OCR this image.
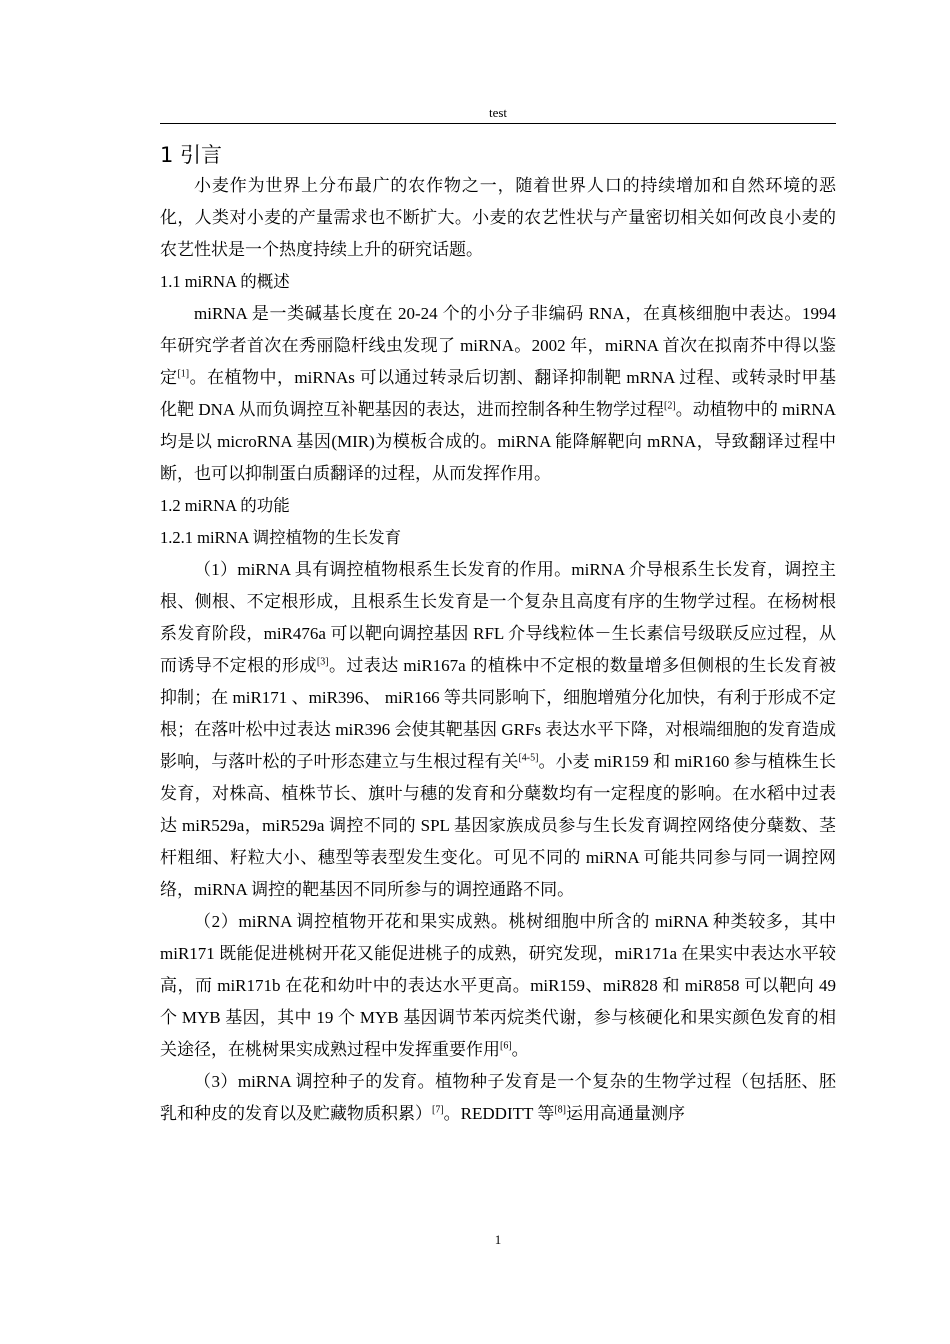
test
1 引言

小麦作为世界上分布最广的农作物之一，随着世界人口的持续增加和自然环境的恶化，人类对小麦的产量需求也不断扩大。小麦的农艺性状与产量密切相关如何改良小麦的农艺性状是一个热度持续上升的研究话题。

1.1 miRNA 的概述

miRNA 是一类碱基长度在 20-24 个的小分子非编码 RNA，在真核细胞中表达。1994 年研究学者首次在秀丽隐杆线虫发现了 miRNA。2002 年，miRNA 首次在拟南芥中得以鉴定[1]。在植物中，miRNAs 可以通过转录后切割、翻译抑制靶 mRNA 过程、或转录时甲基化靶 DNA 从而负调控互补靶基因的表达，进而控制各种生物学过程[2]。动植物中的 miRNA 均是以 microRNA 基因(MIR)为模板合成的。miRNA 能降解靶向 mRNA，导致翻译过程中断，也可以抑制蛋白质翻译的过程，从而发挥作用。

1.2 miRNA 的功能
1.2.1 miRNA 调控植物的生长发育

（1）miRNA 具有调控植物根系生长发育的作用。miRNA 介导根系生长发育，调控主根、侧根、不定根形成，且根系生长发育是一个复杂且高度有序的生物学过程。在杨树根系发育阶段，miR476a 可以靶向调控基因 RFL 介导线粒体－生长素信号级联反应过程，从而诱导不定根的形成[3]。过表达 miR167a 的植株中不定根的数量增多但侧根的生长发育被抑制；在 miR171 、miR396、 miR166 等共同影响下，细胞增殖分化加快，有利于形成不定根；在落叶松中过表达 miR396 会使其靶基因 GRFs 表达水平下降，对根端细胞的发育造成影响，与落叶松的子叶形态建立与生根过程有关[4-5]。小麦 miR159 和 miR160 参与植株生长发育，对株高、植株节长、旗叶与穗的发育和分蘖数均有一定程度的影响。在水稻中过表达 miR529a，miR529a 调控不同的 SPL 基因家族成员参与生长发育调控网络使分蘖数、茎杆粗细、籽粒大小、穗型等表型发生变化。可见不同的 miRNA 可能共同参与同一调控网络，miRNA 调控的靶基因不同所参与的调控通路不同。

（2）miRNA 调控植物开花和果实成熟。桃树细胞中所含的 miRNA 种类较多，其中 miR171 既能促进桃树开花又能促进桃子的成熟，研究发现，miR171a 在果实中表达水平较高，而 miR171b 在花和幼叶中的表达水平更高。miR159、miR828 和 miR858 可以靶向 49 个 MYB 基因，其中 19 个 MYB 基因调节苯丙烷类代谢，参与核硬化和果实颜色发育的相关途径，在桃树果实成熟过程中发挥重要作用[6]。

（3）miRNA 调控种子的发育。植物种子发育是一个复杂的生物学过程（包括胚、胚乳和种皮的发育以及贮藏物质积累）[7]。REDDITT 等[8]运用高通量测序

1
